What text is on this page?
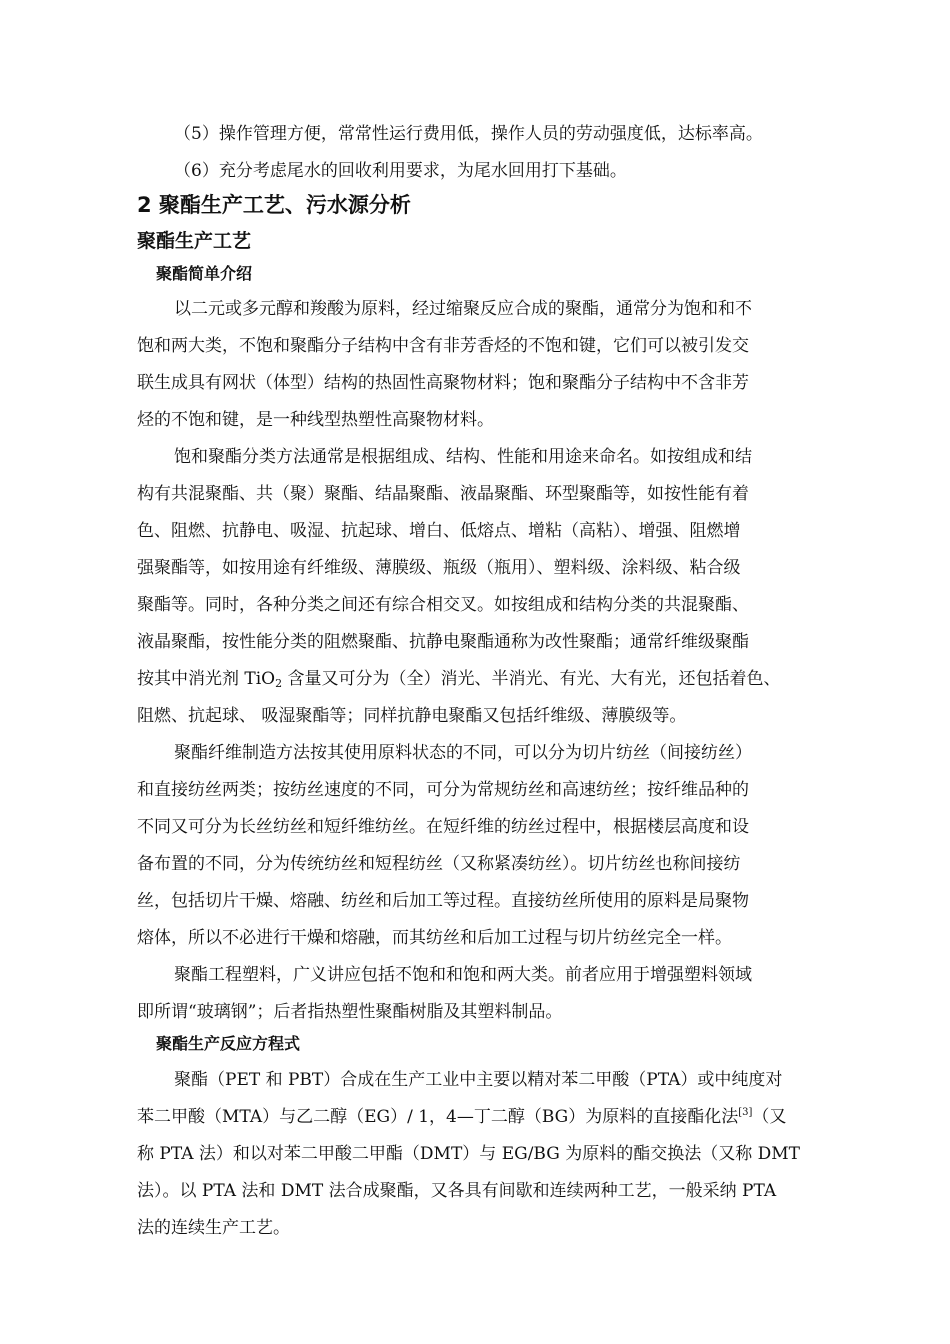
（5）操作管理方便，常常性运行费用低，操作人员的劳动强度低，达标率高。
（6）充分考虑尾水的回收利用要求，为尾水回用打下基础。
2 聚酯生产工艺、污水源分析
聚酯生产工艺
聚酯简单介绍
以二元或多元醇和羧酸为原料，经过缩聚反应合成的聚酯，通常分为饱和和不
饱和两大类，不饱和聚酯分子结构中含有非芳香烃的不饱和键，它们可以被引发交
联生成具有网状（体型）结构的热固性高聚物材料；饱和聚酯分子结构中不含非芳
烃的不饱和键，是一种线型热塑性高聚物材料。
饱和聚酯分类方法通常是根据组成、结构、性能和用途来命名。如按组成和结
构有共混聚酯、共（聚）聚酯、结晶聚酯、液晶聚酯、环型聚酯等，如按性能有着
色、阻燃、抗静电、吸湿、抗起球、增白、低熔点、增粘（高粘）、增强、阻燃增
强聚酯等，如按用途有纤维级、薄膜级、瓶级（瓶用）、塑料级、涂料级、粘合级
聚酯等。同时，各种分类之间还有综合相交叉。如按组成和结构分类的共混聚酯、
液晶聚酯，按性能分类的阻燃聚酯、抗静电聚酯通称为改性聚酯；通常纤维级聚酯
按其中消光剂 TiO$_2$ 含量又可分为（全）消光、半消光、有光、大有光，还包括着色、
阻燃、抗起球、 吸湿聚酯等；同样抗静电聚酯又包括纤维级、薄膜级等。
聚酯纤维制造方法按其使用原料状态的不同，可以分为切片纺丝（间接纺丝）
和直接纺丝两类；按纺丝速度的不同，可分为常规纺丝和高速纺丝；按纤维品种的
不同又可分为长丝纺丝和短纤维纺丝。在短纤维的纺丝过程中，根据楼层高度和设
备布置的不同，分为传统纺丝和短程纺丝（又称紧凑纺丝）。切片纺丝也称间接纺
丝，包括切片干燥、熔融、纺丝和后加工等过程。直接纺丝所使用的原料是局聚物
熔体，所以不必进行干燥和熔融，而其纺丝和后加工过程与切片纺丝完全一样。
聚酯工程塑料，广义讲应包括不饱和和饱和两大类。前者应用于增强塑料领域
即所谓“玻璃钢”；后者指热塑性聚酯树脂及其塑料制品。
聚酯生产反应方程式
聚酯（PET 和 PBT）合成在生产工业中主要以精对苯二甲酸（PTA）或中纯度对
苯二甲酸（MTA）与乙二醇（EG）/ 1，4—丁二醇（BG）为原料的直接酯化法[3]（又
称 PTA 法）和以对苯二甲酸二甲酯（DMT）与 EG/BG 为原料的酯交换法（又称 DMT
法）。以 PTA 法和 DMT 法合成聚酯，又各具有间歇和连续两种工艺，一般采纳 PTA
法的连续生产工艺。
